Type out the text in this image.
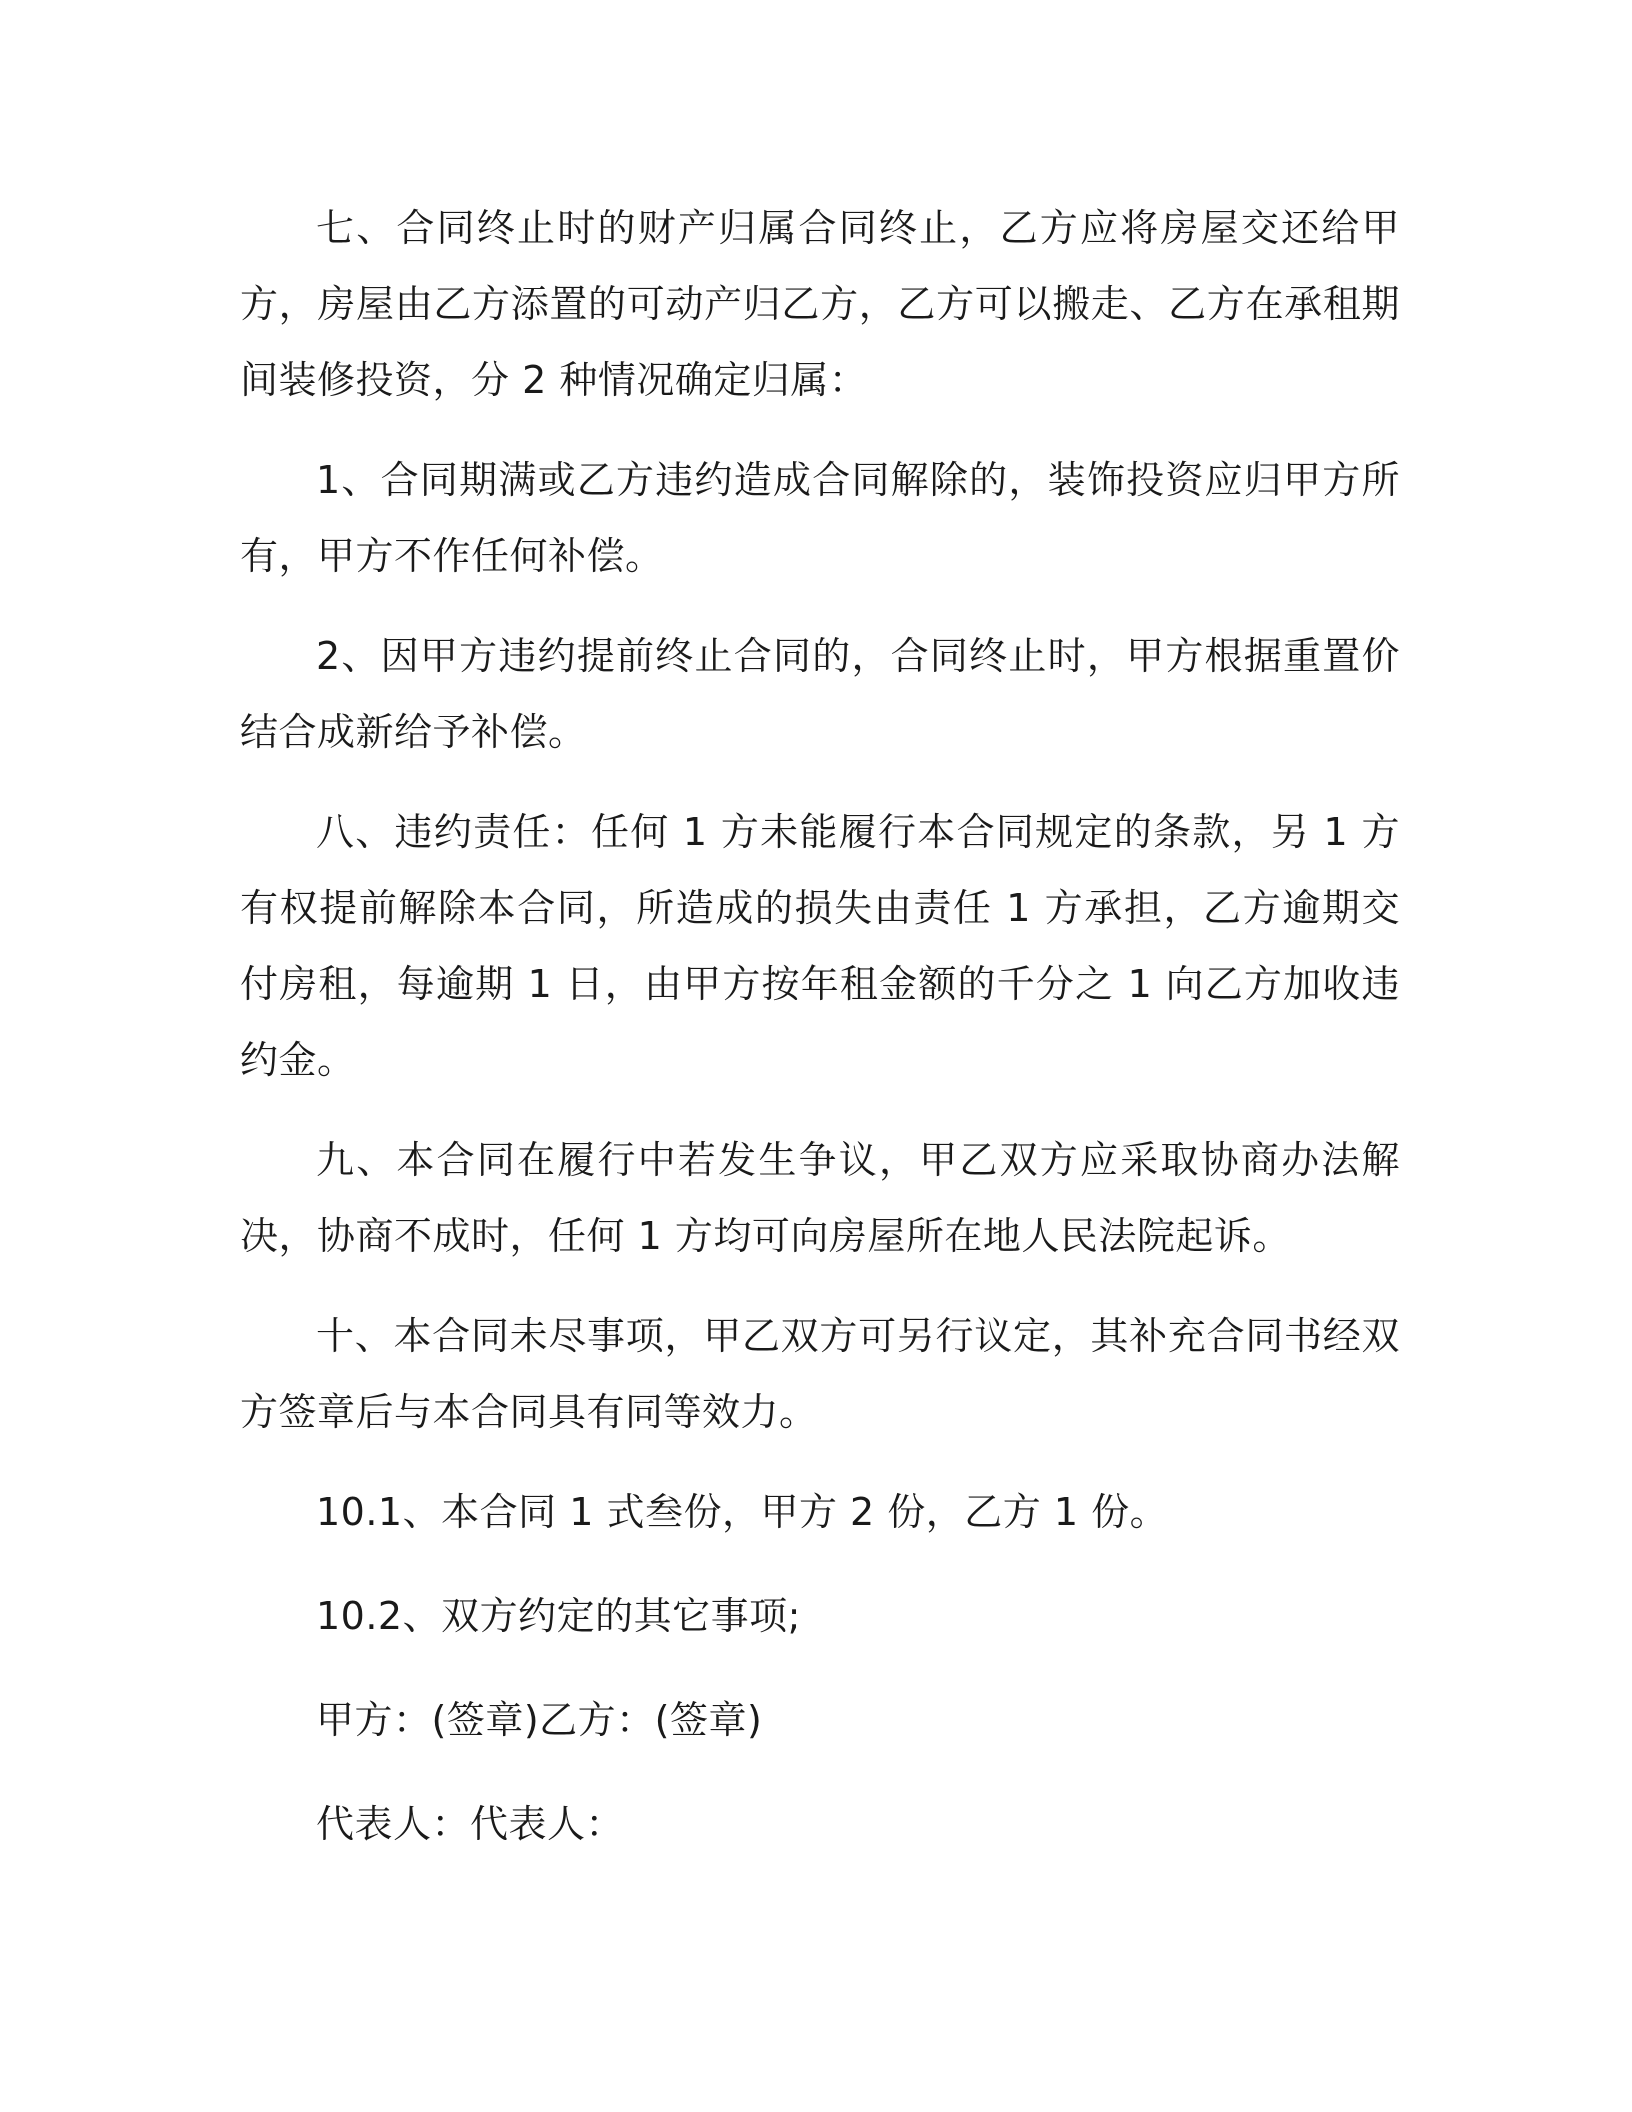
七、合同终止时的财产归属合同终止，乙方应将房屋交还给甲方，房屋由乙方添置的可动产归乙方，乙方可以搬走、乙方在承租期间装修投资，分 2 种情况确定归属：

1、合同期满或乙方违约造成合同解除的，装饰投资应归甲方所有，甲方不作任何补偿。

2、因甲方违约提前终止合同的，合同终止时，甲方根据重置价结合成新给予补偿。

八、违约责任：任何 1 方未能履行本合同规定的条款，另 1 方有权提前解除本合同，所造成的损失由责任 1 方承担，乙方逾期交付房租，每逾期 1 日，由甲方按年租金额的千分之 1 向乙方加收违约金。

九、本合同在履行中若发生争议，甲乙双方应采取协商办法解决，协商不成时，任何 1 方均可向房屋所在地人民法院起诉。

十、本合同未尽事项，甲乙双方可另行议定，其补充合同书经双方签章后与本合同具有同等效力。

10.1、本合同 1 式叁份，甲方 2 份，乙方 1 份。

10.2、双方约定的其它事项;

甲方：(签章)乙方：(签章)

代表人：代表人：
